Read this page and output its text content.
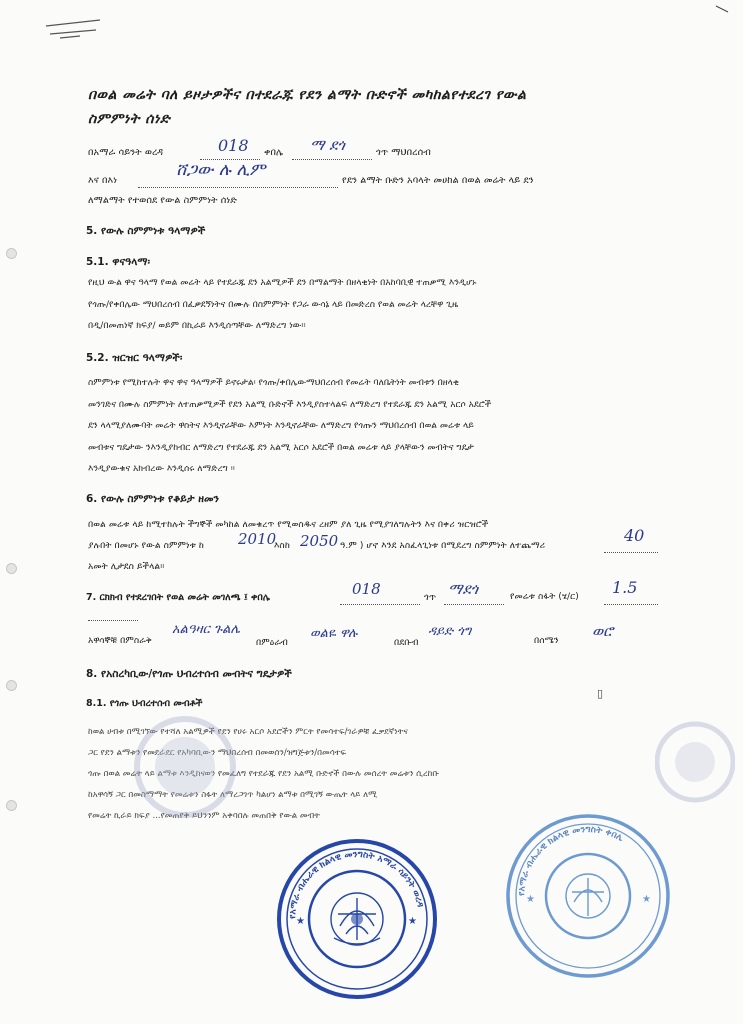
በወል መሬት ባለ ይዞታዎችና በተደራጁ የደን ልማት ቡድኖች መካከልየተደረገ የውል
ስምምነት ሰነድ
በአማራ ሳይንት ወረዳ	018 ቀበሌ ማ ደጎ	ጎጥ ማህበረሰብ
እና በእነ
ሸጋው ሉ ሊም
የደን ልማት ቡድን አባላት መሀከል በወል መሬት ላይ ደን
ለማልማት የተወሰደ የውል ስምምነት ሰነድ
5. የውሉ ስምምነቱ ዓላማዎች
5.1. ዋናዓላማ፡
የዚህ ውል ዋና ዓላማ የወል መሬት ላይ የተደራጁ ደን አልሚዎች ደን በማልማት በዘላቂነት በአከባቢዊ ተጠቃሚ እንዲሆኑ
የጎጡ/የቀበሌው ማህበረሰብ በፈቃደኝነትና በሙሉ በስምምነት የጋራ ውሳኔ ላይ በመድረስ የወል መሬት ላረቸዋ ጊዜ
በዲ/በመጠነኛ ክፍያ/ ወይም በኪራይ እንዲሰጣቸው ለማድረግ ነው።
5.2. ዝርዝር ዓላማዎች፡
ስምምነቱ የሚከተሉት ዋና ዋና ዓላማዎች ይኖሩታል፡ የጎጡ/ቀበሌውማህበረሰብ የመሬት ባለቤትነት መብቱን በዘላቂ
መንገድና በሙሉ ስምምነት ለተጠቃሚዎች የደን አልሚ ቡድኖች እንዲያስተላልፍ ለማድረግ የተደራጁ ደን አልሚ አርሶ አደሮች
ደን ላላሚያለሙባት መሬት ዋስትና እንዲኖራቸው እምነት እንዲኖራቸው ለማድረግ የጎጡን ማህበረሰብ በወል መሬቱ ላይ
መብቱና ግዴታው ንእንዲያከብር ለማድረግ የተደራጁ ደን አልሚ አርሶ አደሮች በወል መሬቱ ላይ ያላቸውን መብትና ግዴታ
እንዲያውቁና አክብረው እንዲሰሩ ለማድረግ ፡፡
6. የውሉ ስምምነቱ የቆይታ ዘመን
በወል መሬቱ ላይ ከሚተከሉት ችግኞች መካከል ለመቁረጥ የሚወስዱና ረዘም ያለ ጊዜ የሚያገለግሉትን እና በቀሪ ዝርዝሮች
ያሉበት በመሆኑ የውል ስምምነቱ ከ 2010
እስከ 2050 ዓ.ም ) ሆኖ እንደ አስፈላጊነቱ በሚደረግ ስምምነት ለተጨማሪ
40
አመት ሊታደስ ይችላል።
7. ርክክብ የተደረገበት የወል መሬት መገለጫ ፤ ቀበሌ	018	ጎጥ ማደጎ	የመሬቱ ስፋት (ሄ/ር) 1.5
አዋሳኞቹ በምስራቅ
አልዓዛር ጉልሌ
በምዕራብ
ወልዬ ዋሉ
በደቡብ
ዳይድ ጎግ
በሰሜን
ወሮ
8. የአስረካቢው/የጎጡ ህብረተሰብ መብትና ግዴታዎች
▯
8.1. የጎጡ ህብረተሰብ መብቶች
ከወል ሀብቱ በሚገኘው የተሻለ አልሚዎች የደን የሀሩ አርሶ አደሮችን ምርት የመሳተፍ/ገራዎቹ ፈቃደኛነትና
ጋር የደን ልማቱን የመደራደር የአካባቢውን ማህበረሰብ በመወሰን/ዝግጅቱን/በመሳተፍ
ጎጡ በወል መሬት ላይ ልማቱ እንዲከናወን የመፈለግ የተደራጁ የደን አልሚ ቡድኖች በውሉ መሰረት መሬቱን ሲረከቡ
ከአዋሳኝ ጋር በመስማማት የመሬቱን ስፋት ለማረጋገጥ ካልሆነ ልማቱ በሚገኝ ውጤት ላይ ለሚ
የመሬት ኪራይ ክፍያ ...የመጠየቅ ይህንንም አቀባበሉ መጠበቅ የውል መብት
የአማራ ብሔራዊ ክልላዊ መንግስት አማራ ሳይንት ወረዳ
★	★
የአማራ ብሔራዊ ክልላዊ መንግስት ቀበሌ
★	★
